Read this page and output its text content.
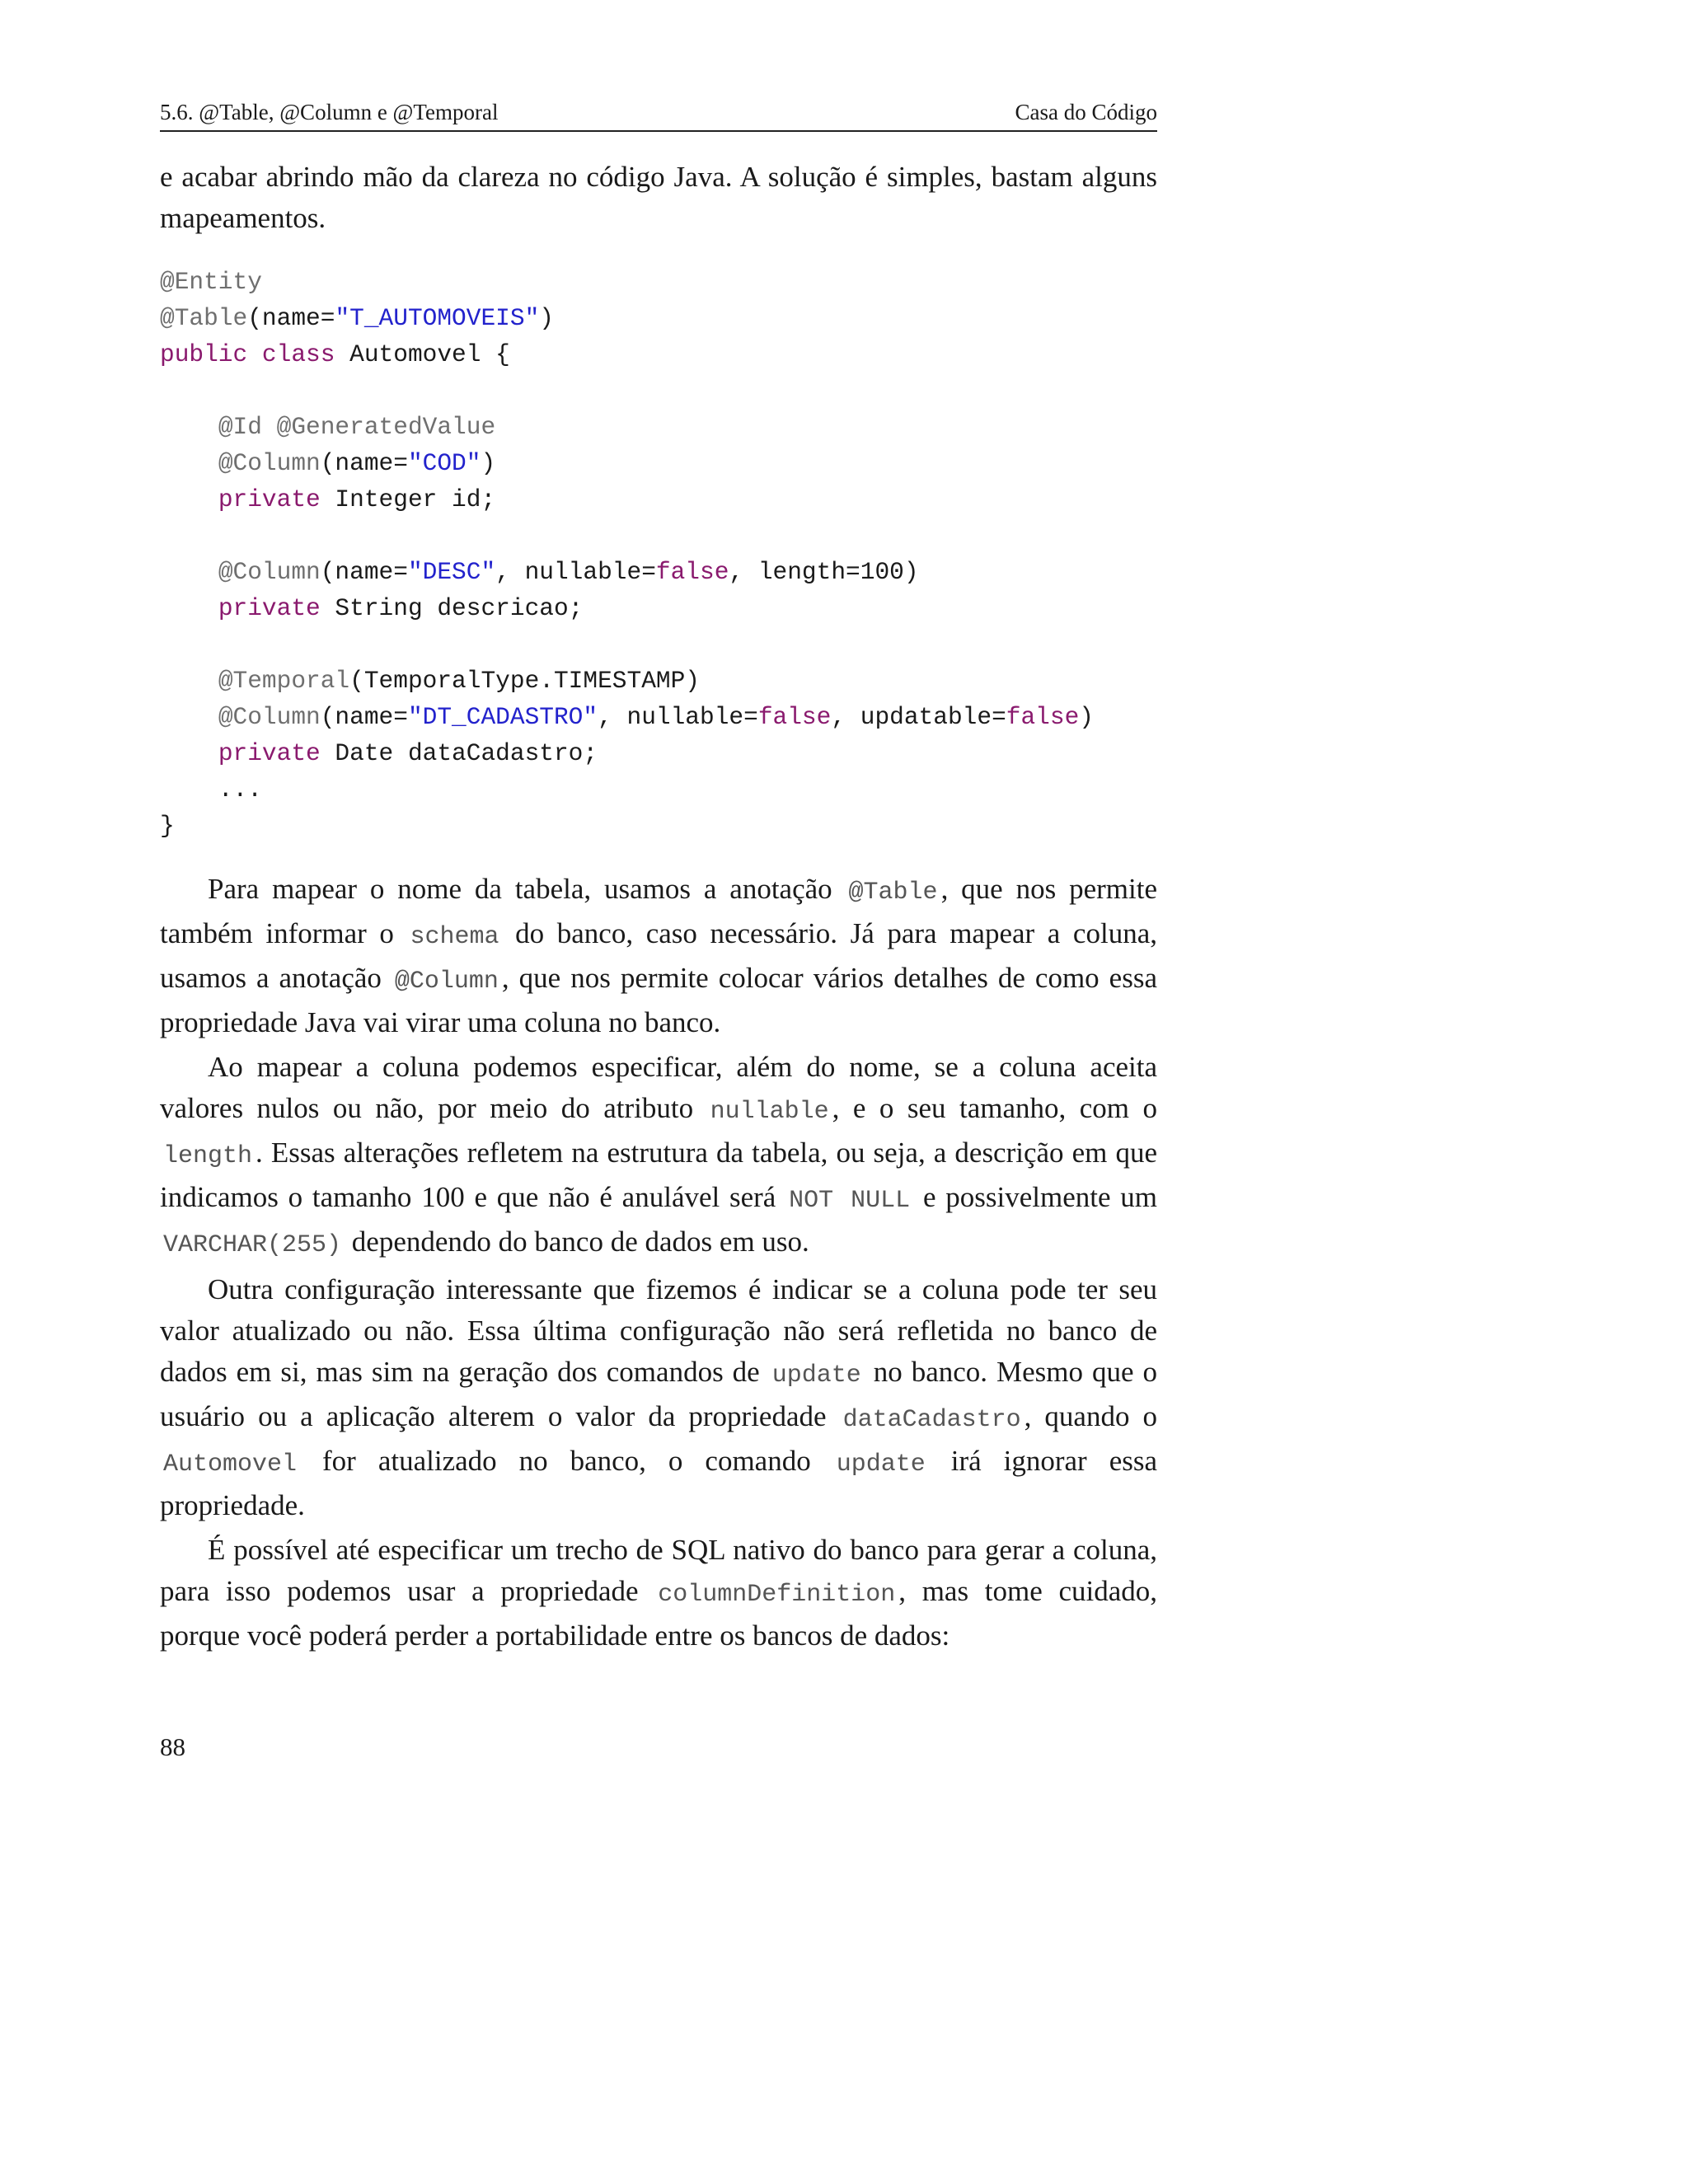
5.6. @Table, @Column e @Temporal	Casa do Código

e acabar abrindo mão da clareza no código Java. A solução é simples, bastam alguns mapeamentos.

@Entity
@Table(name="T_AUTOMOVEIS")
public class Automovel {
@Id @GeneratedValue
@Column(name="COD")
private Integer id;
@Column(name="DESC", nullable=false, length=100)
private String descricao;
@Temporal(TemporalType.TIMESTAMP)
@Column(name="DT_CADASTRO", nullable=false, updatable=false)
private Date dataCadastro;
...
}

Para mapear o nome da tabela, usamos a anotação @Table , que nos permite também informar o schema do banco, caso necessário. Já para mapear a coluna, usamos a anotação @Column , que nos permite colocar vários detalhes de como essa propriedade Java vai virar uma coluna no banco.

Ao mapear a coluna podemos especificar, além do nome, se a coluna aceita valores nulos ou não, por meio do atributo nullable , e o seu tamanho, com o length . Essas alterações refletem na estrutura da tabela, ou seja, a descrição em que indicamos o tamanho 100 e que não é anulável será NOT NULL e possivelmente um VARCHAR(255) dependendo do banco de dados em uso.

Outra configuração interessante que fizemos é indicar se a coluna pode ter seu valor atualizado ou não. Essa última configuração não será refletida no banco de dados em si, mas sim na geração dos comandos de update no banco. Mesmo que o usuário ou a aplicação alterem o valor da propriedade dataCadastro , quando o Automovel for atualizado no banco, o comando update irá ignorar essa propriedade.

É possível até especificar um trecho de SQL nativo do banco para gerar a coluna, para isso podemos usar a propriedade columnDefinition , mas tome cuidado, porque você poderá perder a portabilidade entre os bancos de dados:

88
